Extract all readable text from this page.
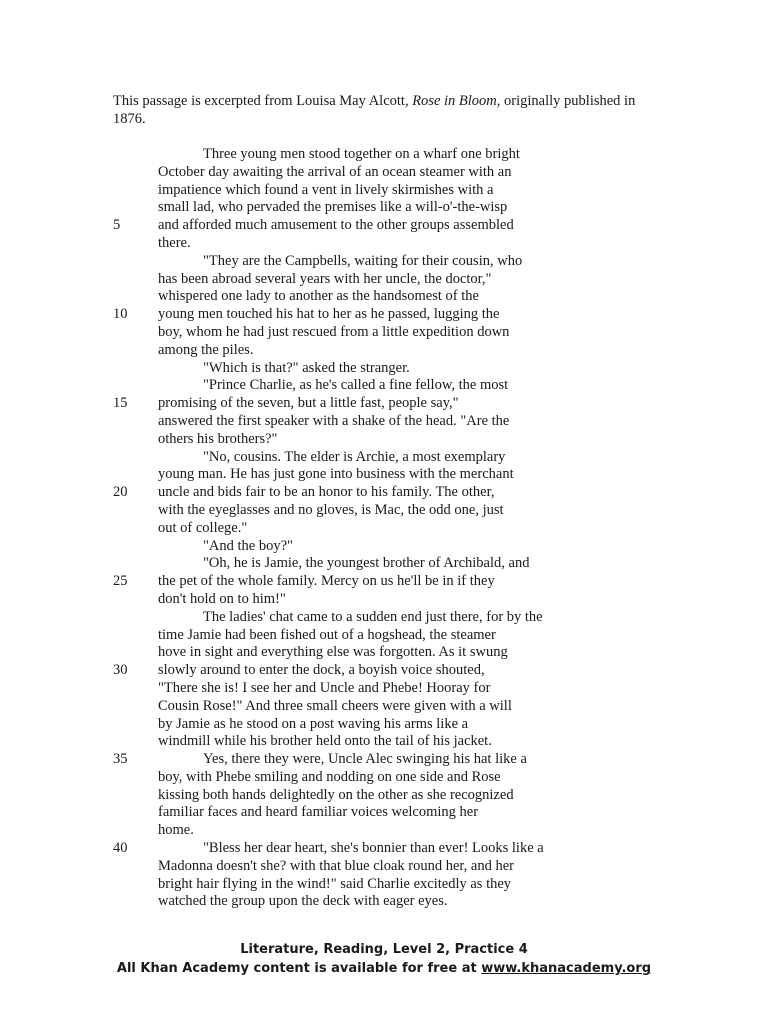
This passage is excerpted from Louisa May Alcott, Rose in Bloom, originally published in 1876.
Three young men stood together on a wharf one bright
October day awaiting the arrival of an ocean steamer with an
impatience which found a vent in lively skirmishes with a
small lad, who pervaded the premises like a will-o'-the-wisp
5	and afforded much amusement to the other groups assembled
there.
"They are the Campbells, waiting for their cousin, who
has been abroad several years with her uncle, the doctor,"
whispered one lady to another as the handsomest of the
10 young men touched his hat to her as he passed, lugging the
boy, whom he had just rescued from a little expedition down
among the piles.
"Which is that?" asked the stranger.
"Prince Charlie, as he's called a fine fellow, the most
15 promising of the seven, but a little fast, people say,"
answered the first speaker with a shake of the head. "Are the
others his brothers?"
"No, cousins. The elder is Archie, a most exemplary
young man. He has just gone into business with the merchant
20 uncle and bids fair to be an honor to his family. The other,
with the eyeglasses and no gloves, is Mac, the odd one, just
out of college."
"And the boy?"
"Oh, he is Jamie, the youngest brother of Archibald, and
25 the pet of the whole family. Mercy on us he'll be in if they
don't hold on to him!"
The ladies' chat came to a sudden end just there, for by the
time Jamie had been fished out of a hogshead, the steamer
hove in sight and everything else was forgotten. As it swung
30 slowly around to enter the dock, a boyish voice shouted,
"There she is! I see her and Uncle and Phebe! Hooray for
Cousin Rose!" And three small cheers were given with a will
by Jamie as he stood on a post waving his arms like a
windmill while his brother held onto the tail of his jacket.
35	Yes, there they were, Uncle Alec swinging his hat like a
boy, with Phebe smiling and nodding on one side and Rose
kissing both hands delightedly on the other as she recognized
familiar faces and heard familiar voices welcoming her
home.
40	"Bless her dear heart, she's bonnier than ever! Looks like a
Madonna doesn't she? with that blue cloak round her, and her
bright hair flying in the wind!" said Charlie excitedly as they
watched the group upon the deck with eager eyes.
Literature, Reading, Level 2, Practice 4
All Khan Academy content is available for free at www.khanacademy.org
